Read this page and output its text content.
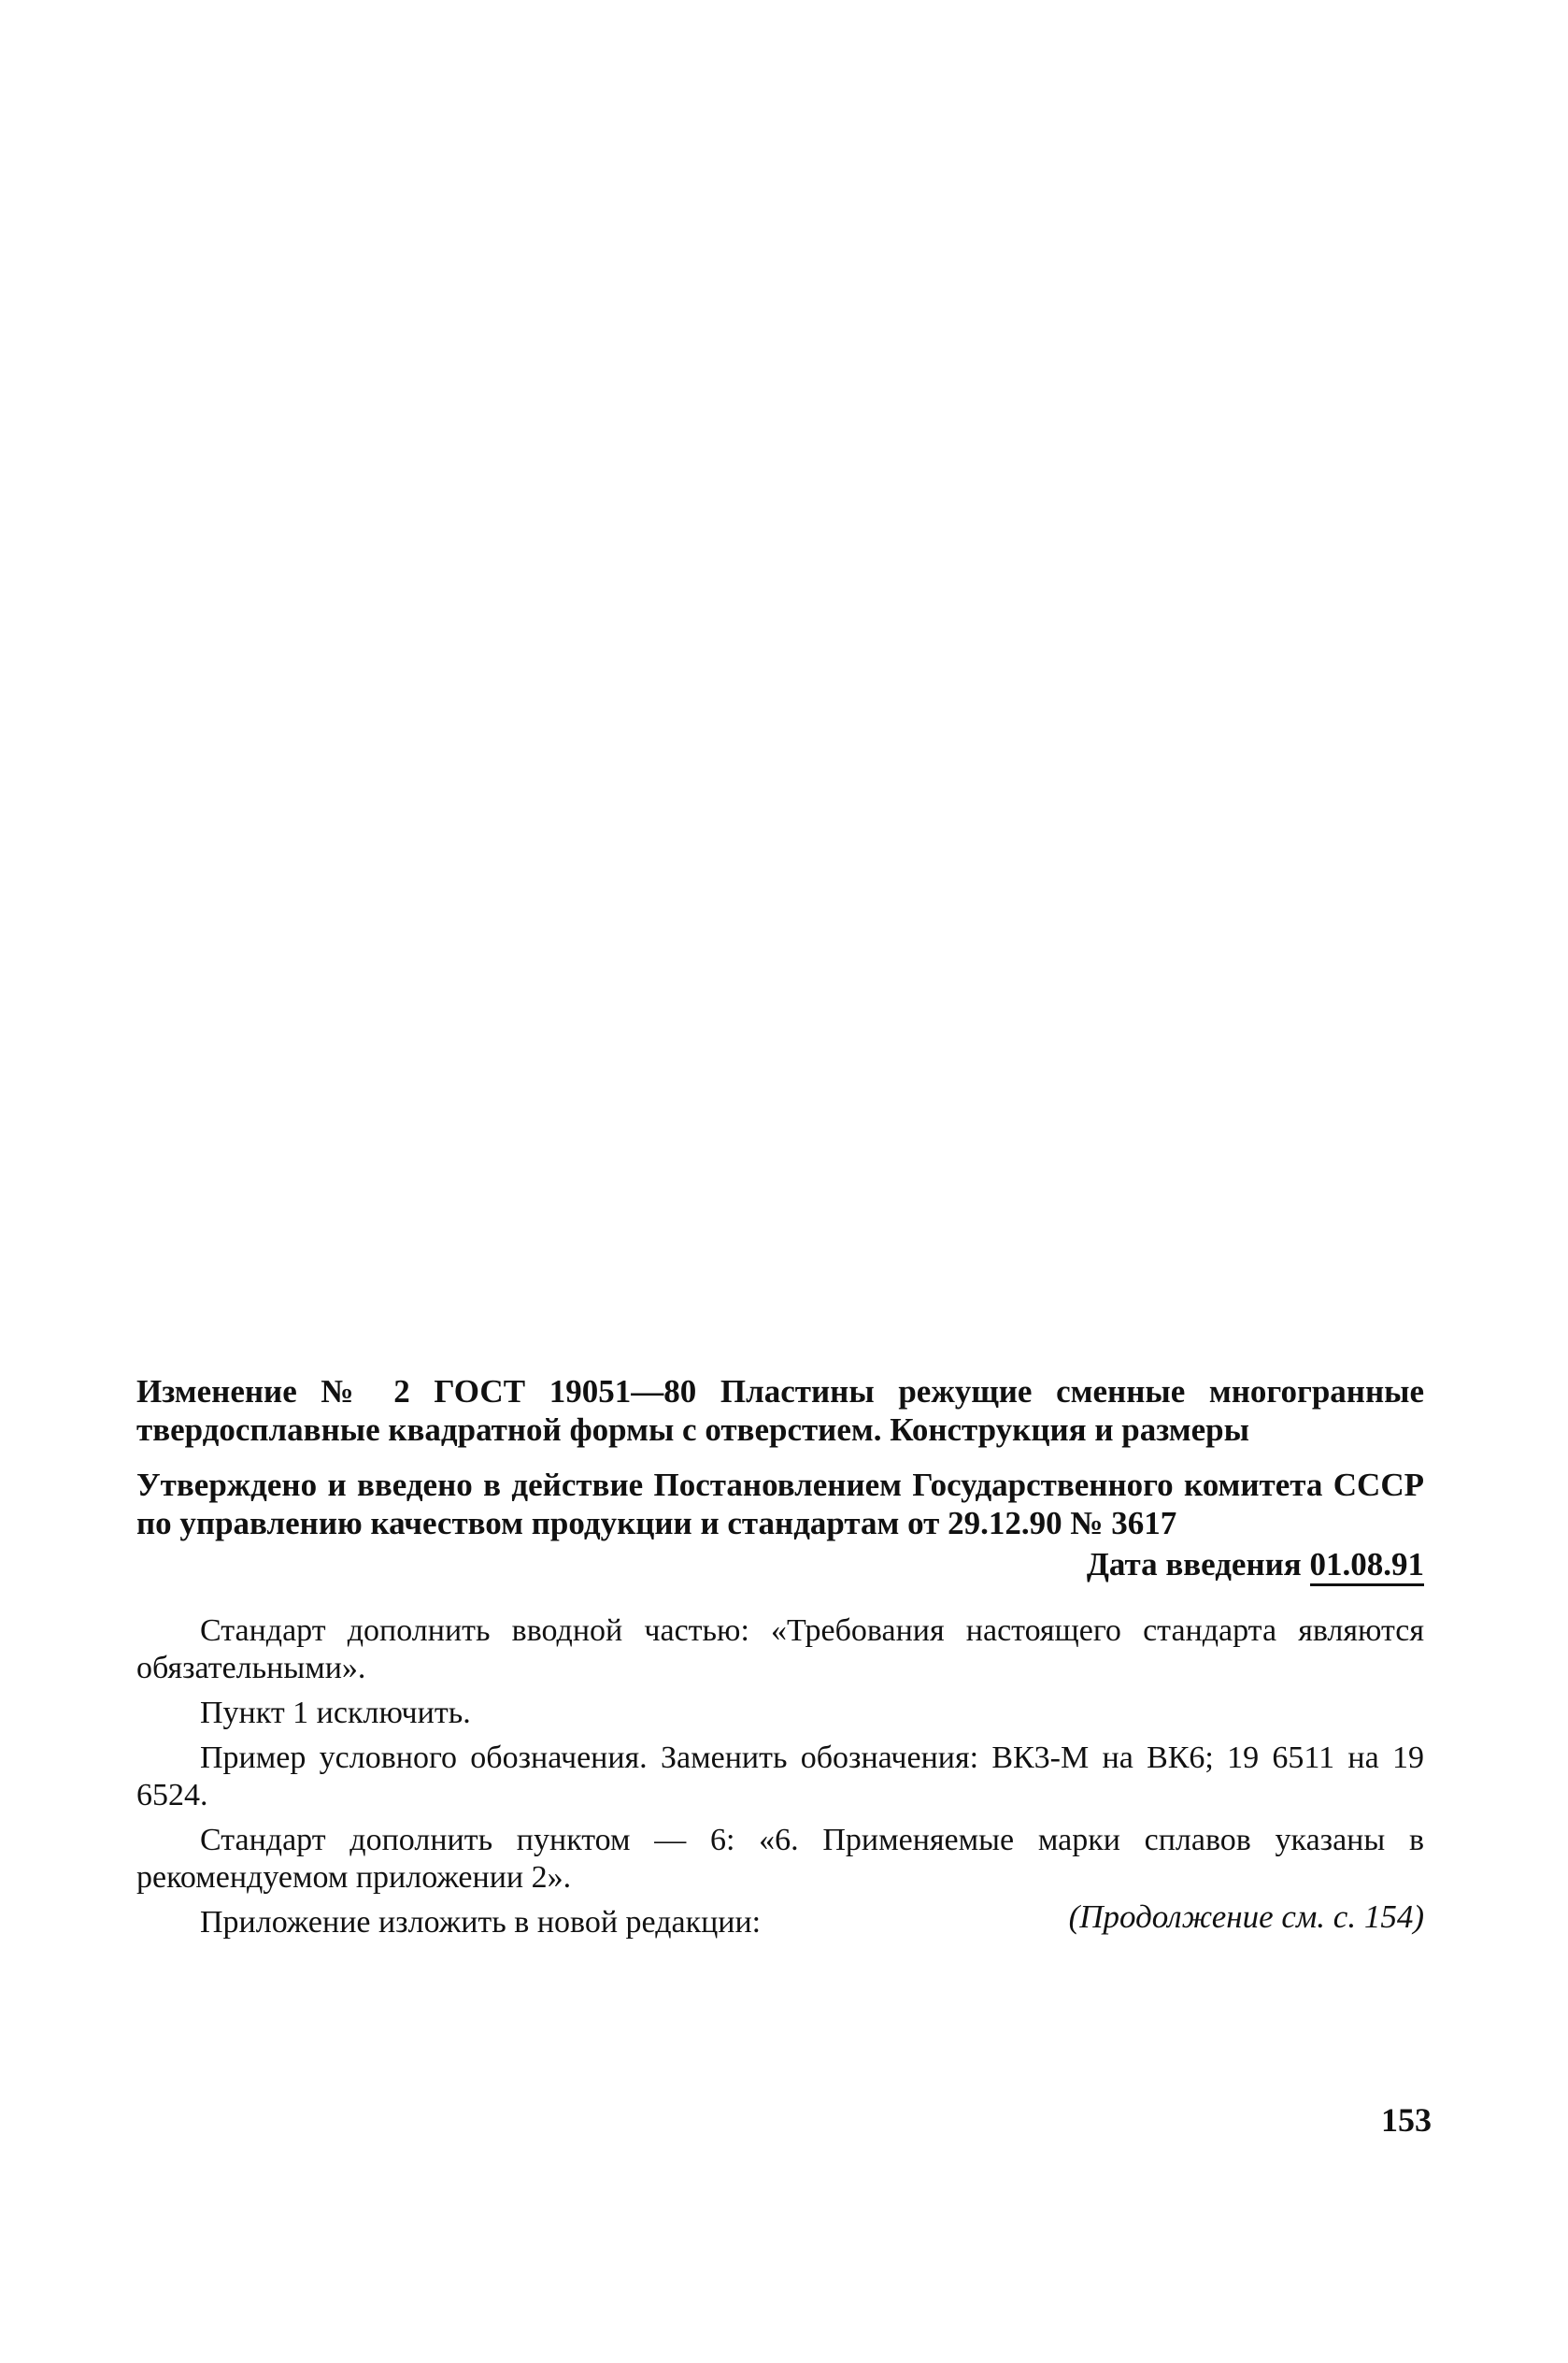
Изменение № 2 ГОСТ 19051—80 Пластины режущие сменные многогранные твердосплавные квадратной формы с отверстием. Конструкция и размеры
Утверждено и введено в действие Постановлением Государственного комитета СССР по управлению качеством продукции и стандартам от 29.12.90 № 3617
Дата введения 01.08.91

Стандарт дополнить вводной частью: «Требования настоящего стандарта являются обязательными».

Пункт 1 исключить.

Пример условного обозначения. Заменить обозначения: ВК3-М на ВК6; 19 6511 на 19 6524.

Стандарт дополнить пунктом — 6: «6. Применяемые марки сплавов указаны в рекомендуемом приложении 2».

Приложение изложить в новой редакции:	(Продолжение см. с. 154)
153
